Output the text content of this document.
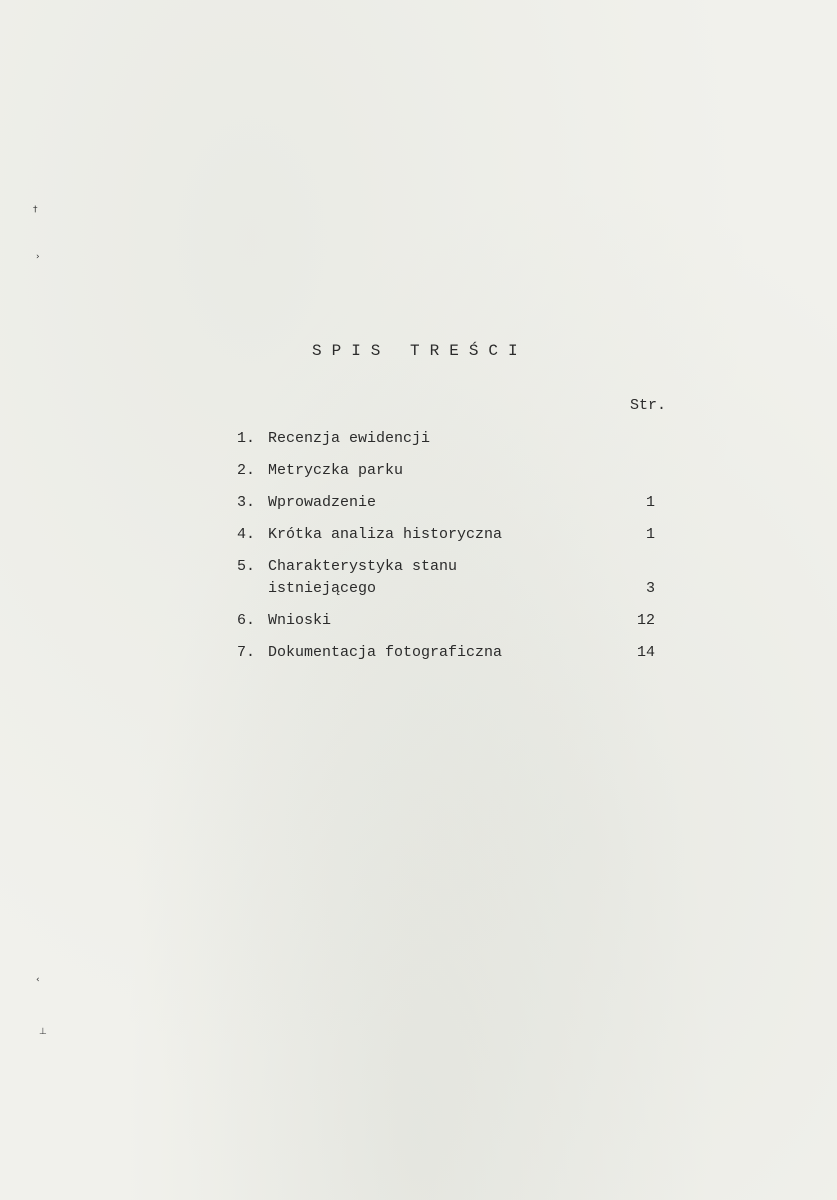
†
›
‹
⊥
S P I S   T R E Ś C I
Str.
1. Recenzja ewidencji
2. Metryczka parku
3. Wprowadzenie	1
4. Krótka analiza historyczna	1
5. Charakterystyka stanu
istniejącego	3
6. Wnioski	12
7. Dokumentacja fotograficzna	14
